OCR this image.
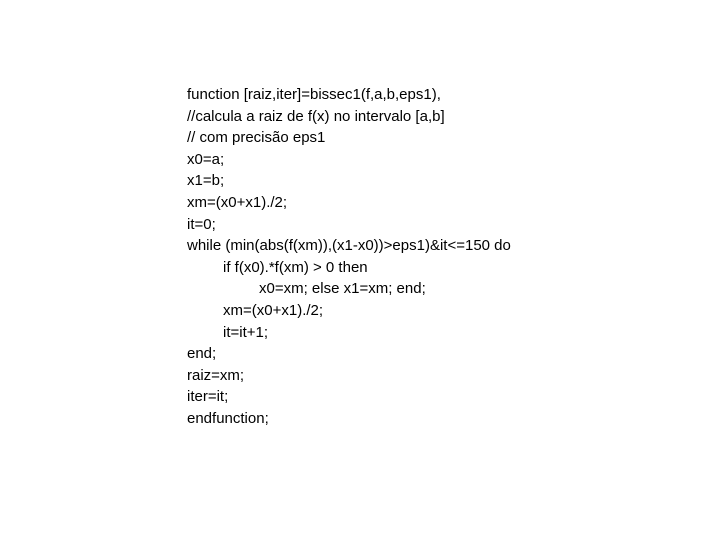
function [raiz,iter]=bissec1(f,a,b,eps1),
//calcula a raiz de f(x) no intervalo [a,b]
// com precisão eps1
x0=a;
x1=b;
xm=(x0+x1)./2;
it=0;
while (min(abs(f(xm)),(x1-x0))>eps1)&it<=150 do
if f(x0).*f(xm) > 0 then
x0=xm; else x1=xm; end;
xm=(x0+x1)./2;
it=it+1;
end;
raiz=xm;
iter=it;
endfunction;
